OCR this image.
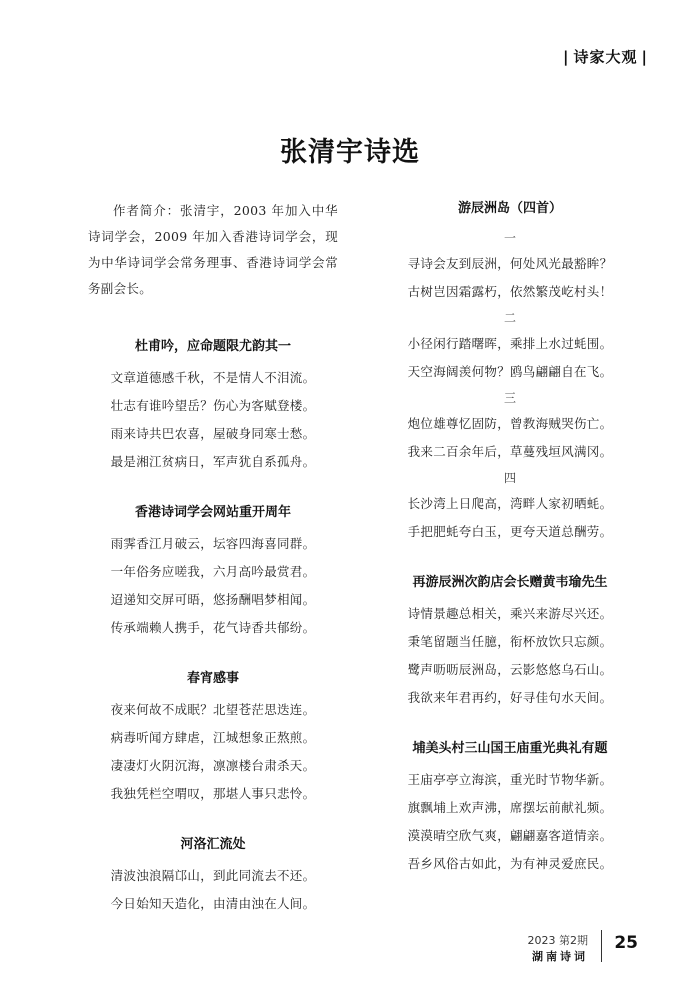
| 诗家大观 |
张清宇诗选

作者简介：张清宇，2003 年加入中华诗词学会，2009 年加入香港诗词学会，现为中华诗词学会常务理事、香港诗词学会常务副会长。

杜甫吟，应命题限尤韵其一

文章道德感千秋，不是情人不泪流。

壮志有谁吟望岳？伤心为客赋登楼。

雨来诗共巴农喜，屋破身同寒士愁。

最是湘江贫病日，军声犹自系孤舟。

香港诗词学会网站重开周年

雨霁香江月破云，坛容四海喜同群。

一年俗务应嗟我，六月高吟最赏君。

迢递知交屏可晤，悠扬酬唱梦相闻。

传承端赖人携手，花气诗香共郁纷。

春宵感事

夜来何故不成眠？北望苍茫思迭连。

病毒听闻方肆虐，江城想象正熬煎。

凄凄灯火阴沉海，凛凛楼台肃杀天。

我独凭栏空喟叹，那堪人事只悲怜。

河洛汇流处

清波浊浪隔邙山，到此同流去不还。

今日始知天造化，由清由浊在人间。

游辰洲岛（四首）

一

寻诗会友到辰洲，何处风光最豁眸？

古树岂因霜露朽，依然繁茂屹村头！

二

小径闲行踏曙晖，乘排上水过蚝围。

天空海阔羡何物？鸥鸟翩翩自在飞。

三

炮位雄尊忆固防，曾教海贼哭伤亡。

我来二百余年后，草蔓残垣风满冈。

四

长沙湾上日爬高，湾畔人家初晒蚝。

手把肥蚝夸白玉，更夸天道总酬劳。

再游辰洲次韵店会长赠黄韦瑜先生

诗情景趣总相关，乘兴来游尽兴还。

秉笔留题当任臆，衔杯放饮只忘颜。

鹭声呖呖辰洲岛，云影悠悠乌石山。

我欲来年君再约，好寻佳句水天间。

埔美头村三山国王庙重光典礼有题

王庙亭亭立海滨，重光时节物华新。

旗飘埔上欢声沸，席摆坛前献礼频。

漠漠晴空欣气爽，翩翩嘉客道情亲。

吾乡风俗古如此，为有神灵爱庶民。

2023 第2期
湖南诗词
25
